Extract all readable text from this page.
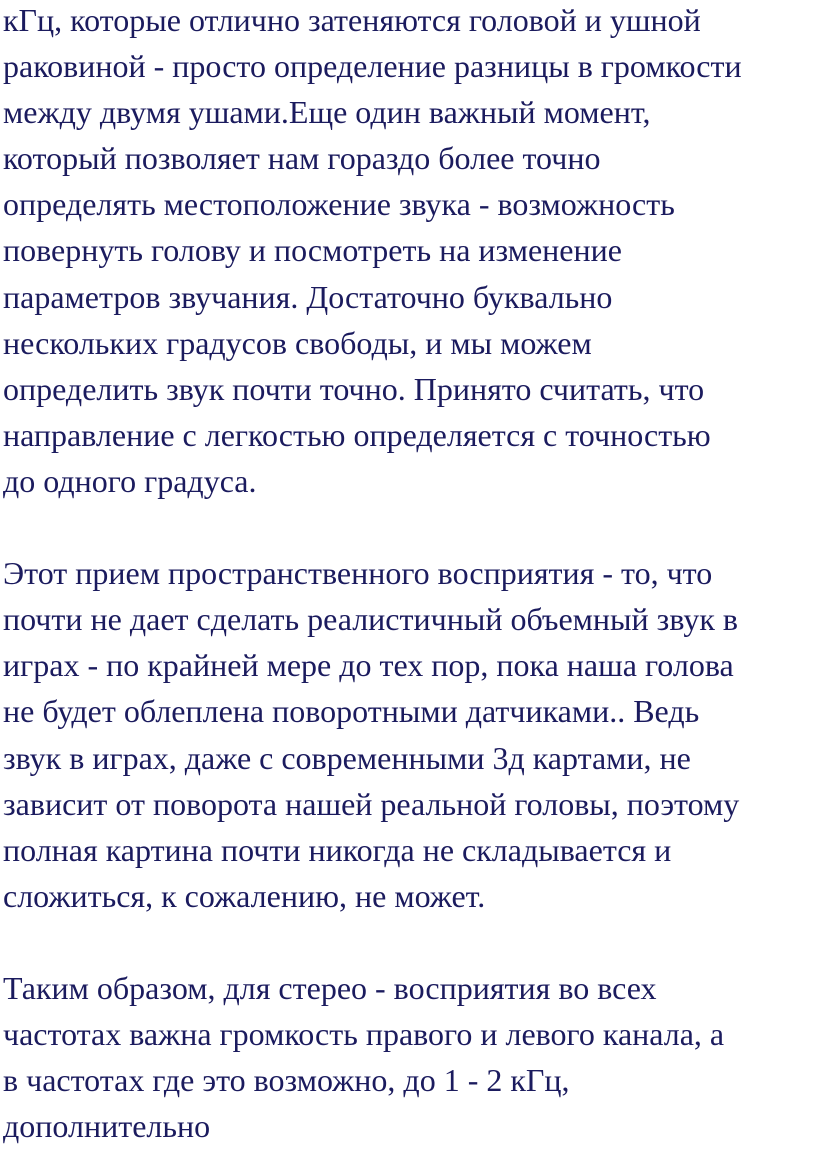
кГц, которые отлично затеняются головой и ушной
раковиной - просто определение разницы в громкости
между двумя ушами.Еще один важный момент,
который позволяет нам гораздо более точно
определять местоположение звука - возможность
повернуть голову и посмотреть на изменение
параметров звучания. Достаточно буквально
нескольких градусов свободы, и мы можем
определить звук почти точно. Принято считать, что
направление с легкостью определяется с точностью
до одного градуса.
Этот прием пространственного восприятия - то, что
почти не дает сделать реалистичный объемный звук в
играх - по крайней мере до тех пор, пока наша голова
не будет облеплена поворотными датчиками.. Ведь
звук в играх, даже с современными 3д картами, не
зависит от поворота нашей реальной головы, поэтому
полная картина почти никогда не складывается и
сложиться, к сожалению, не может.
Таким образом, для стерео - восприятия во всех
частотах важна громкость правого и левого канала, а
в частотах где это возможно, до 1 - 2 кГц,
дополнительно
